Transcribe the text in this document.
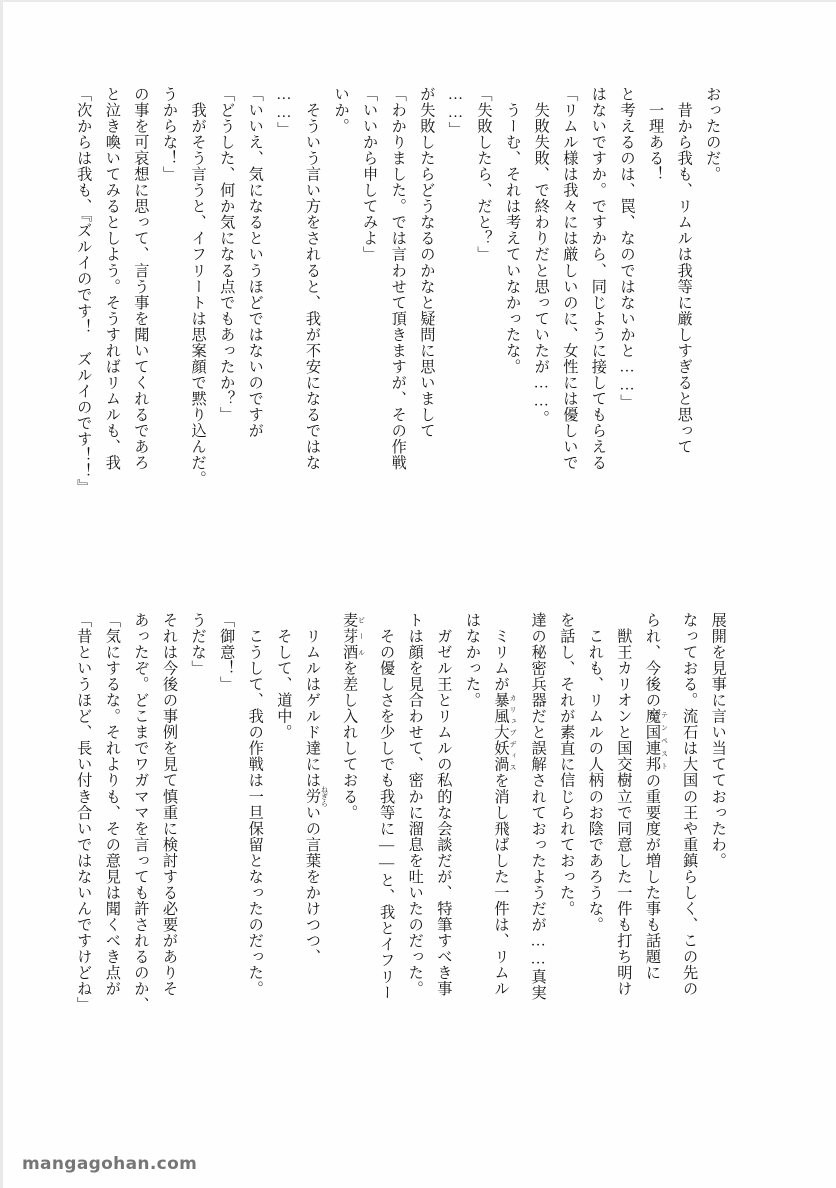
「次からは我も、『ズルイのです！　ズルイのです！！』 と泣き喚いてみるとしよう。そうすればリムルも、我 の事を可哀想に思って、言う事を聞いてくれるであろ うからな！」 　我がそう言うと、イフリートは思案顔で黙り込んだ。 「どうした、何か気になる点でもあったか？」 「いいえ、気になるというほどではないのですが ……」 　そういう言い方をされると、我が不安になるではな いか。 「いいから申してみよ」 「わかりました。では言わせて頂きますが、その作戦 が失敗したらどうなるのかなと疑問に思いまして ……」 「失敗したら、だと？」 　うーむ、それは考えていなかったな。 　失敗失敗、で終わりだと思っていたが……。 「リムル様は我々には厳しいのに、女性には優しいで はないですか。ですから、同じように接してもらえる と考えるのは、罠、なのではないかと……」 　一理ある！ 　昔から我も、リムルは我等に厳しすぎると思って おったのだ。
「昔というほど、長い付き合いではないんですけどね」 「気にするな。それよりも、その意見は聞くべき点が あったぞ。どこまでワガママを言っても許されるのか、 それは今後の事例を見て慎重に検討する必要がありそ うだな」 「御意！」 　こうして、我の作戦は一旦保留となったのだった。 　そして、道中。 　リムルはゲルド達には労 ねぎらいの言葉をかけつつ、
麦芽酒 ビールを差し入れしておる。	　その優しさを少しでも我等に――と、我とイフリー トは顔を見合わせて、密かに溜息を吐いたのだった。 　ガゼル王とリムルの私的な会談だが、特筆すべき事 はなかった。 　ミリムが暴風大妖渦 カリュブディスを消し飛ばした一件は、リムル	達の秘密兵器だと誤解されておったようだが……真実 を話し、それが素直に信じられておった。 　これも、リムルの人柄のお陰であろうな。 　獣王カリオンと国交樹立で同意した一件も打ち明け られ、今後の魔国連邦 テンペストの重要度が増した事も話題に	なっておる。流石は大国の王や重鎮らしく、この先の 展開を見事に言い当てておったわ。
mangagohan.com
